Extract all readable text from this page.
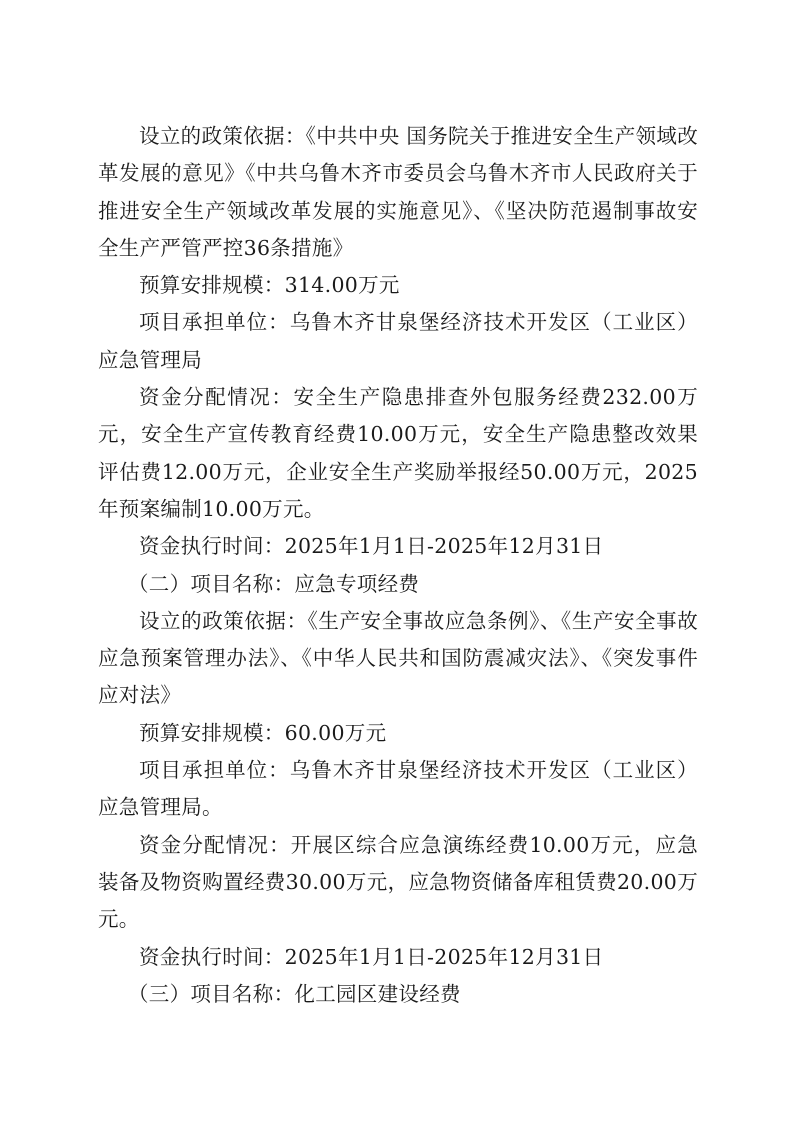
设立的政策依据：《中共中央 国务院关于推进安全生产领域改革发展的意见》《中共乌鲁木齐市委员会乌鲁木齐市人民政府关于推进安全生产领域改革发展的实施意见》、《坚决防范遏制事故安全生产严管严控36条措施》

预算安排规模：314.00万元

项目承担单位：乌鲁木齐甘泉堡经济技术开发区（工业区）应急管理局

资金分配情况：安全生产隐患排查外包服务经费232.00万元，安全生产宣传教育经费10.00万元，安全生产隐患整改效果评估费12.00万元，企业安全生产奖励举报经50.00万元，2025年预案编制10.00万元。

资金执行时间：2025年1月1日-2025年12月31日

（二）项目名称：应急专项经费

设立的政策依据：《生产安全事故应急条例》、《生产安全事故应急预案管理办法》、《中华人民共和国防震减灾法》、《突发事件应对法》

预算安排规模：60.00万元

项目承担单位：乌鲁木齐甘泉堡经济技术开发区（工业区）应急管理局。

资金分配情况：开展区综合应急演练经费10.00万元，应急装备及物资购置经费30.00万元，应急物资储备库租赁费20.00万元。

资金执行时间：2025年1月1日-2025年12月31日

（三）项目名称：化工园区建设经费
